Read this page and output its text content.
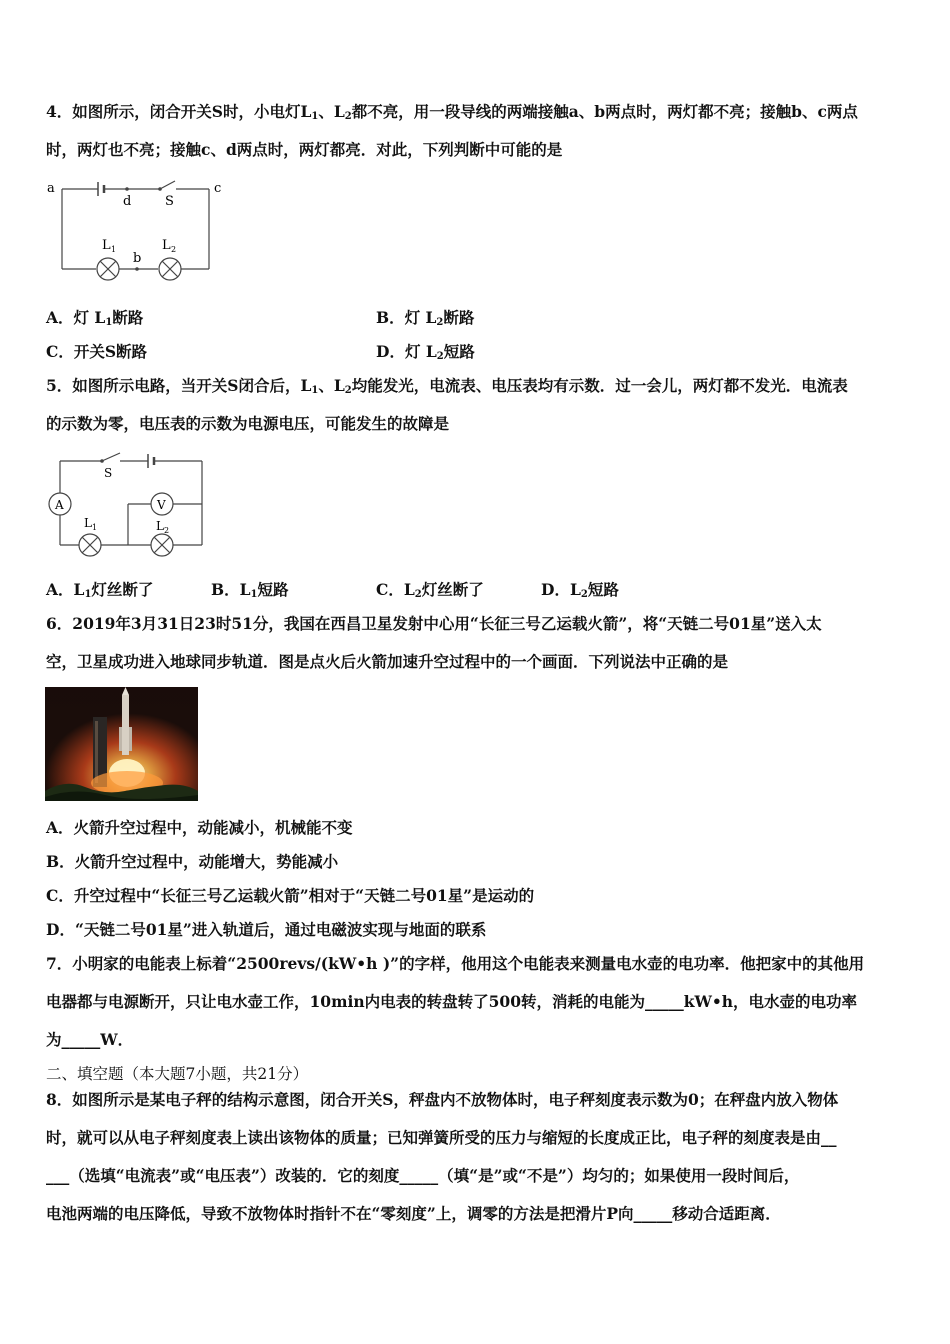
4．如图所示，闭合开关S时，小电灯$L_1$、$L_2$都不亮，用一段导线的两端接触a、b两点时，两灯都不亮；接触b、c两点
时，两灯也不亮；接触c、d两点时，两灯都亮．对此，下列判断中可能的是
a	c
d	S
b
L 1	L 2
A．灯 $L_1$断路	B．灯 $L_2$断路
C．开关S断路	D．灯 $L_2$短路
5．如图所示电路，当开关S闭合后，$L_1$、$L_2$均能发光，电流表、电压表均有示数．过一会儿，两灯都不发光．电流表
的示数为零，电压表的示数为电源电压，可能发生的故障是
S
A	V
L 1	L 2
A．$L_1$灯丝断了	B．$L_1$短路	C．$L_2$灯丝断了	D．$L_2$短路
6．2019年3月31日23时51分，我国在西昌卫星发射中心用“长征三号乙运载火箭”，将“天链二号01星”送入太
空，卫星成功进入地球同步轨道．图是点火后火箭加速升空过程中的一个画面．下列说法中正确的是
A．火箭升空过程中，动能减小，机械能不变
B．火箭升空过程中，动能增大，势能减小
C．升空过程中“长征三号乙运载火箭”相对于“天链二号01星”是运动的
D．“天链二号01星”进入轨道后，通过电磁波实现与地面的联系
7．小明家的电能表上标着“2500revs/(kW•h )”的字样，他用这个电能表来测量电水壶的电功率．他把家中的其他用
电器都与电源断开，只让电水壶工作，10min内电表的转盘转了500转，消耗的电能为_____kW•h，电水壶的电功率
为_____W．
二、填空题（本大题7小题，共21分）
8．如图所示是某电子秤的结构示意图，闭合开关S，秤盘内不放物体时，电子秤刻度表示数为0；在秤盘内放入物体
时，就可以从电子秤刻度表上读出该物体的质量；已知弹簧所受的压力与缩短的长度成正比，电子秤的刻度表是由__
___（选填“电流表”或“电压表”）改装的．它的刻度_____（填“是”或“不是”）均匀的；如果使用一段时间后，
电池两端的电压降低，导致不放物体时指针不在“零刻度”上，调零的方法是把滑片P向_____移动合适距离．
